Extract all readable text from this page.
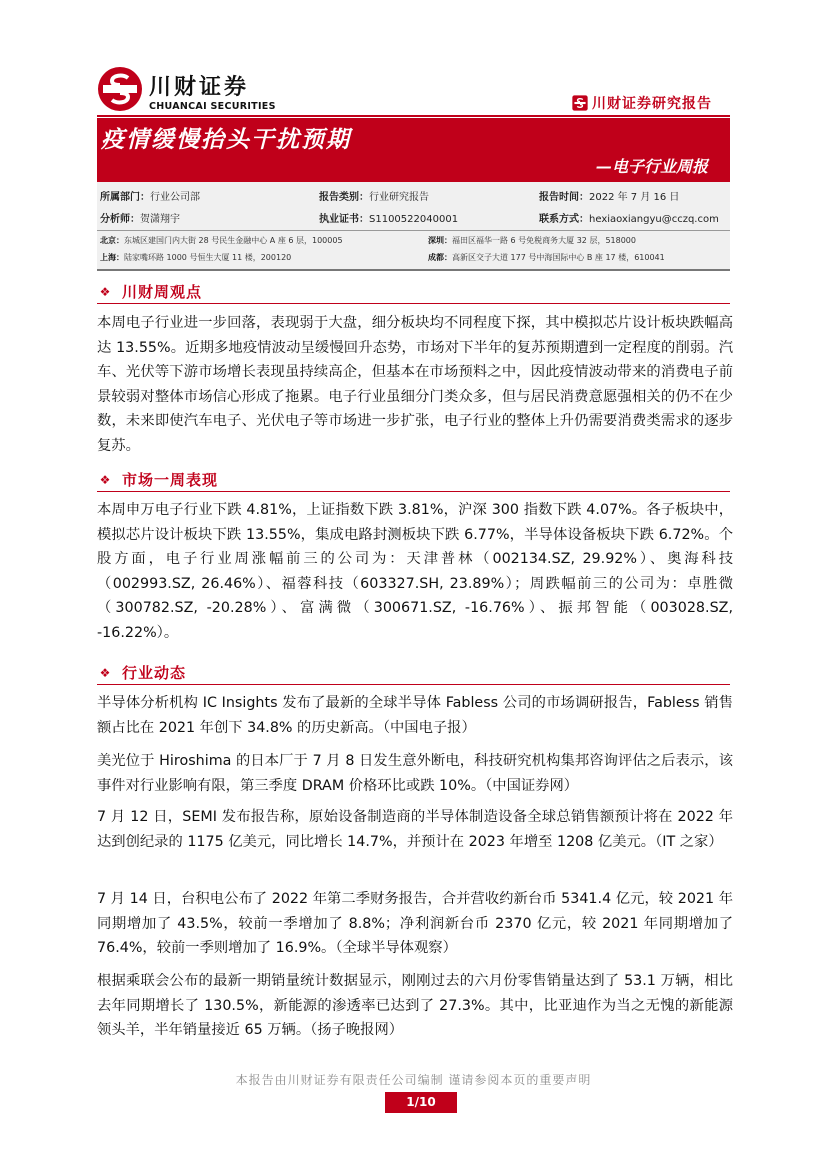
川财证券
CHUANCAI SECURITIES	川财证券研究报告
疫情缓慢抬头干扰预期
—电子行业周报
所属部门：行业公司部	报告类别：行业研究报告	报告时间：2022 年 7 月 16 日
分析师：贺潇翔宇	执业证书：S1100522040001	联系方式：hexiaoxiangyu@cczq.com
北京：东城区建国门内大街 28 号民生金融中心 A 座 6 层，100005	深圳：福田区福华一路 6 号免税商务大厦 32 层，518000
上海：陆家嘴环路 1000 号恒生大厦 11 楼，200120	成都：高新区交子大道 177 号中海国际中心 B 座 17 楼，610041
❖ 川财周观点
本周电子行业进一步回落，表现弱于大盘，细分板块均不同程度下探，其中模拟芯片设计板块跌幅高达 13.55%。近期多地疫情波动呈缓慢回升态势，市场对下半年的复苏预期遭到一定程度的削弱。汽车、光伏等下游市场增长表现虽持续高企，但基本在市场预料之中，因此疫情波动带来的消费电子前景较弱对整体市场信心形成了拖累。电子行业虽细分门类众多，但与居民消费意愿强相关的仍不在少数，未来即使汽车电子、光伏电子等市场进一步扩张，电子行业的整体上升仍需要消费类需求的逐步复苏。
❖ 市场一周表现
本周申万电子行业下跌 4.81%，上证指数下跌 3.81%，沪深 300 指数下跌 4.07%。各子板块中，模拟芯片设计板块下跌 13.55%，集成电路封测板块下跌 6.77%，半导体设备板块下跌 6.72%。个股方面，电子行业周涨幅前三的公司为：天津普林（002134.SZ, 29.92%）、奥海科技（002993.SZ, 26.46%）、福蓉科技（603327.SH, 23.89%）；周跌幅前三的公司为：卓胜微（300782.SZ, -20.28%）、富满微（300671.SZ, -16.76%）、振邦智能（003028.SZ, -16.22%）。
❖ 行业动态
半导体分析机构 IC Insights 发布了最新的全球半导体 Fabless 公司的市场调研报告，Fabless 销售额占比在 2021 年创下 34.8% 的历史新高。（中国电子报）
美光位于 Hiroshima 的日本厂于 7 月 8 日发生意外断电，科技研究机构集邦咨询评估之后表示，该事件对行业影响有限，第三季度 DRAM 价格环比或跌 10%。（中国证券网）
7 月 12 日，SEMI 发布报告称，原始设备制造商的半导体制造设备全球总销售额预计将在 2022 年达到创纪录的 1175 亿美元，同比增长 14.7%，并预计在 2023 年增至 1208 亿美元。（IT 之家）
7 月 14 日，台积电公布了 2022 年第二季财务报告，合并营收约新台币 5341.4 亿元，较 2021 年同期增加了 43.5%，较前一季增加了 8.8%；净利润新台币 2370 亿元，较 2021 年同期增加了 76.4%，较前一季则增加了 16.9%。（全球半导体观察）
根据乘联会公布的最新一期销量统计数据显示，刚刚过去的六月份零售销量达到了 53.1 万辆，相比去年同期增长了 130.5%，新能源的渗透率已达到了 27.3%。其中，比亚迪作为当之无愧的新能源领头羊，半年销量接近 65 万辆。（扬子晚报网）
本报告由川财证券有限责任公司编制 谨请参阅本页的重要声明
1/10
